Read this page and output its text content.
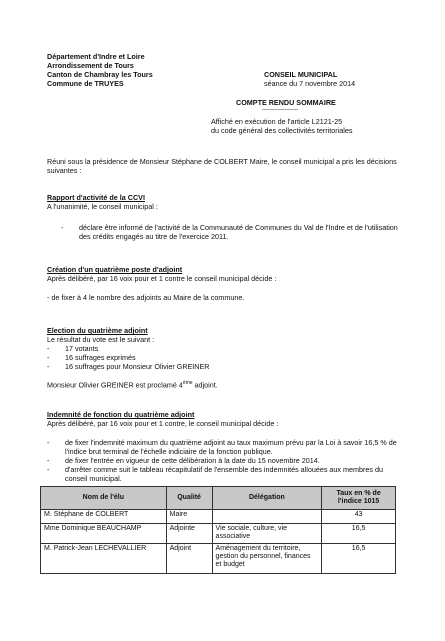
Département d'Indre et Loire
Arrondissement de Tours
Canton de Chambray les Tours
Commune de TRUYES
CONSEIL MUNICIPAL
séance du 7 novembre 2014
COMPTE RENDU SOMMAIRE
------------------
Affiché en exécution de l'article L2121-25
du code général des collectivités territoriales
Réuni sous la présidence de Monsieur Stéphane de COLBERT Maire, le conseil municipal a pris les décisions suivantes :
Rapport d'activité de la CCVI
A l'unanimité, le conseil municipal :
- déclare être informé de l'activité de la Communauté de Communes du Val de l'Indre et de l'utilisation des crédits engagés au titre de l'exercice 2011.
Création d'un quatrième poste d'adjoint
Après délibéré, par 16 voix pour et 1 contre le conseil municipal décide :
- de fixer à 4 le nombre des adjoints au Maire de la commune.
Election du quatrième adjoint
Le résultat du vote est le suivant :
- 17 votants
- 16 suffrages exprimés
- 16 suffrages pour Monsieur Olivier GREINER
Monsieur Olivier GREINER est proclamé 4ème adjoint.
Indemnité de fonction du quatrième adjoint
Après délibéré, par 16 voix pour et 1 contre, le conseil municipal décide :
- de fixer l'indemnité maximum du quatrième adjoint au taux maximum prévu par la Loi à savoir 16,5 % de l'indice brut terminal de l'échelle indiciaire de la fonction publique.
- de fixer l'entrée en vigueur de cette délibération à la date du 15 novembre 2014.
- d'arrêter comme suit le tableau récapitulatif de l'ensemble des indemnités allouées aux membres du conseil municipal.
Nom de l'élu	Qualité	Délégation	Taux en % de l'indice 1015
M. Stéphane de COLBERT	Maire		43
Mme Dominique BEAUCHAMP	Adjointe	Vie sociale, culture, vie associative	16,5
M. Patrick-Jean LECHEVALLIER	Adjoint	Aménagement du territoire, gestion du personnel, finances et budget	16,5
